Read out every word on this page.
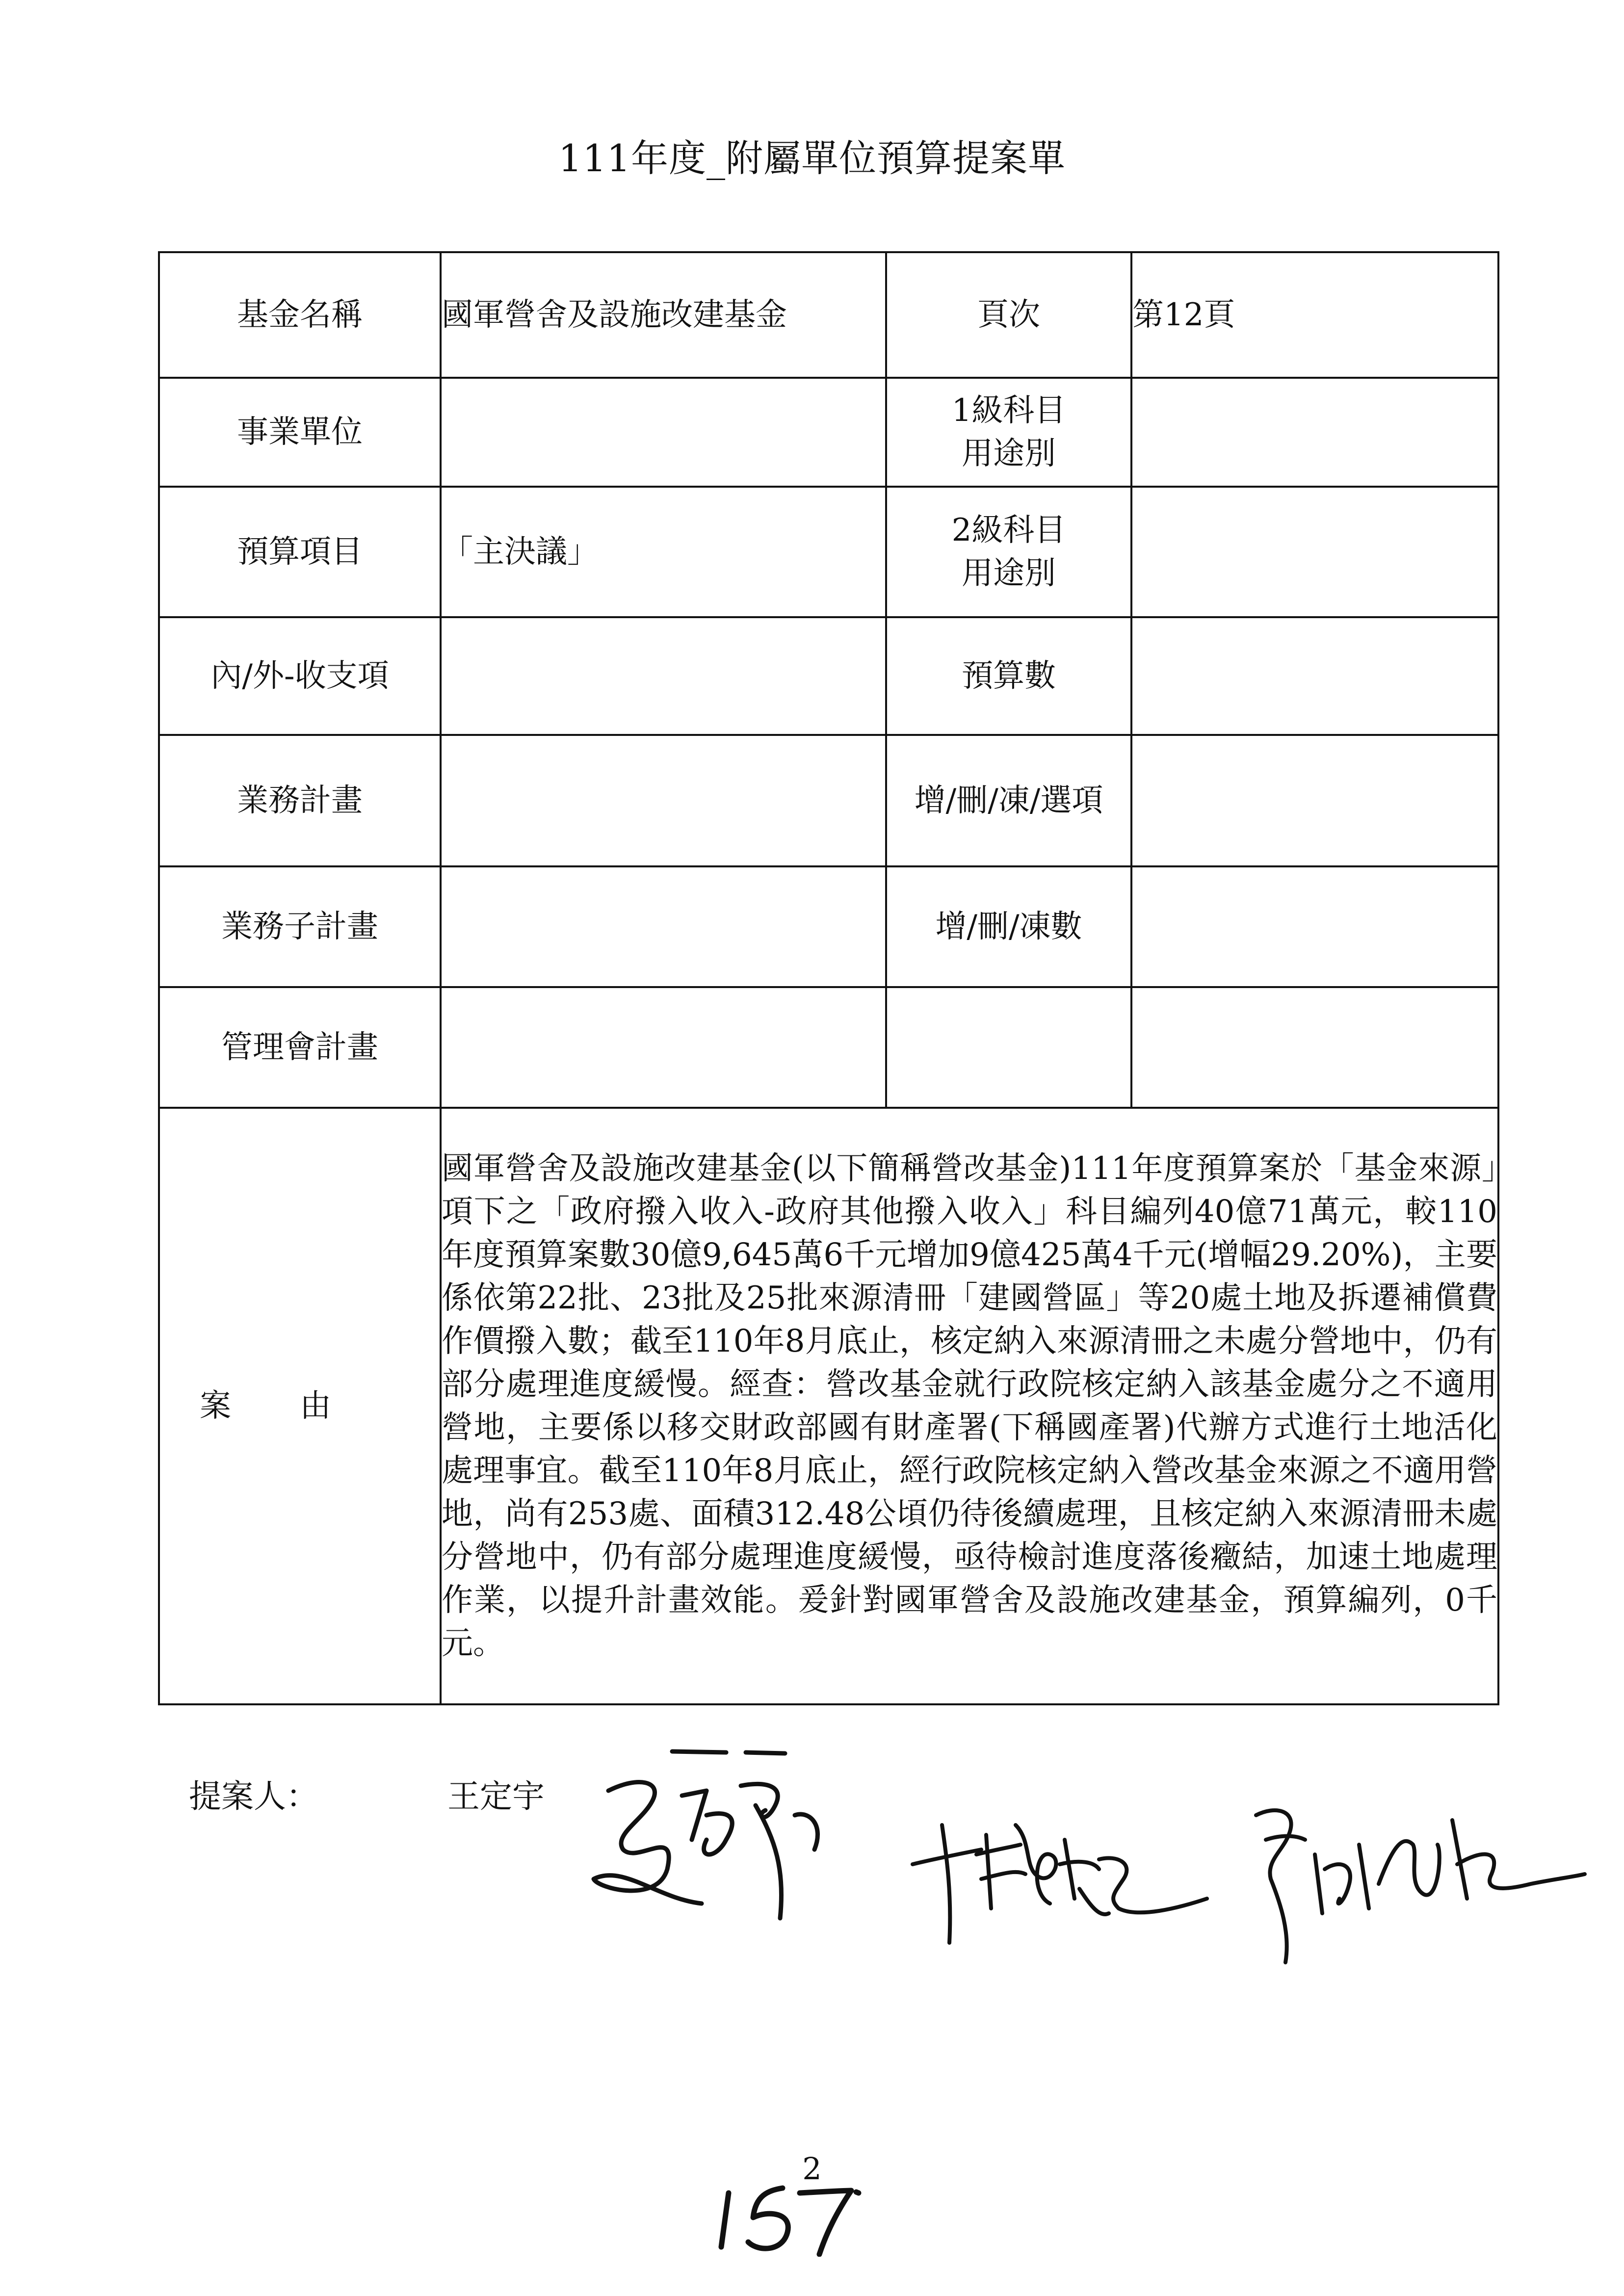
111年度_附屬單位預算提案單
基金名稱	國軍營舍及設施改建基金	頁次	第12頁
事業單位		1級科目
用途別	

預算項目	「主決議」	2級科目
用途別	

內/外-收支項		預算數	
業務計畫		增/刪/凍/選項	
業務子計畫		增/刪/凍數	
管理會計畫			
案由	國軍營舍及設施改建基金(以下簡稱營改基金)111年度預算案於「基金來源」項下之「政府撥入收入-政府其他撥入收入」科目編列40億71萬元，較110年度預算案數30億9,645萬6千元增加9億425萬4千元(增幅29.20%)，主要係依第22批、23批及25批來源清冊「建國營區」等20處土地及拆遷補償費作價撥入數；截至110年8月底止，核定納入來源清冊之未處分營地中，仍有部分處理進度緩慢。經查：營改基金就行政院核定納入該基金處分之不適用營地，主要係以移交財政部國有財產署(下稱國產署)代辦方式進行土地活化處理事宜。截至110年8月底止，經行政院核定納入營改基金來源之不適用營地，尚有253處、面積312.48公頃仍待後續處理，且核定納入來源清冊未處分營地中，仍有部分處理進度緩慢，亟待檢討進度落後癥結，加速土地處理作業，以提升計畫效能。爰針對國軍營舍及設施改建基金，預算編列，0千元。		
提案人：	王定宇
2
